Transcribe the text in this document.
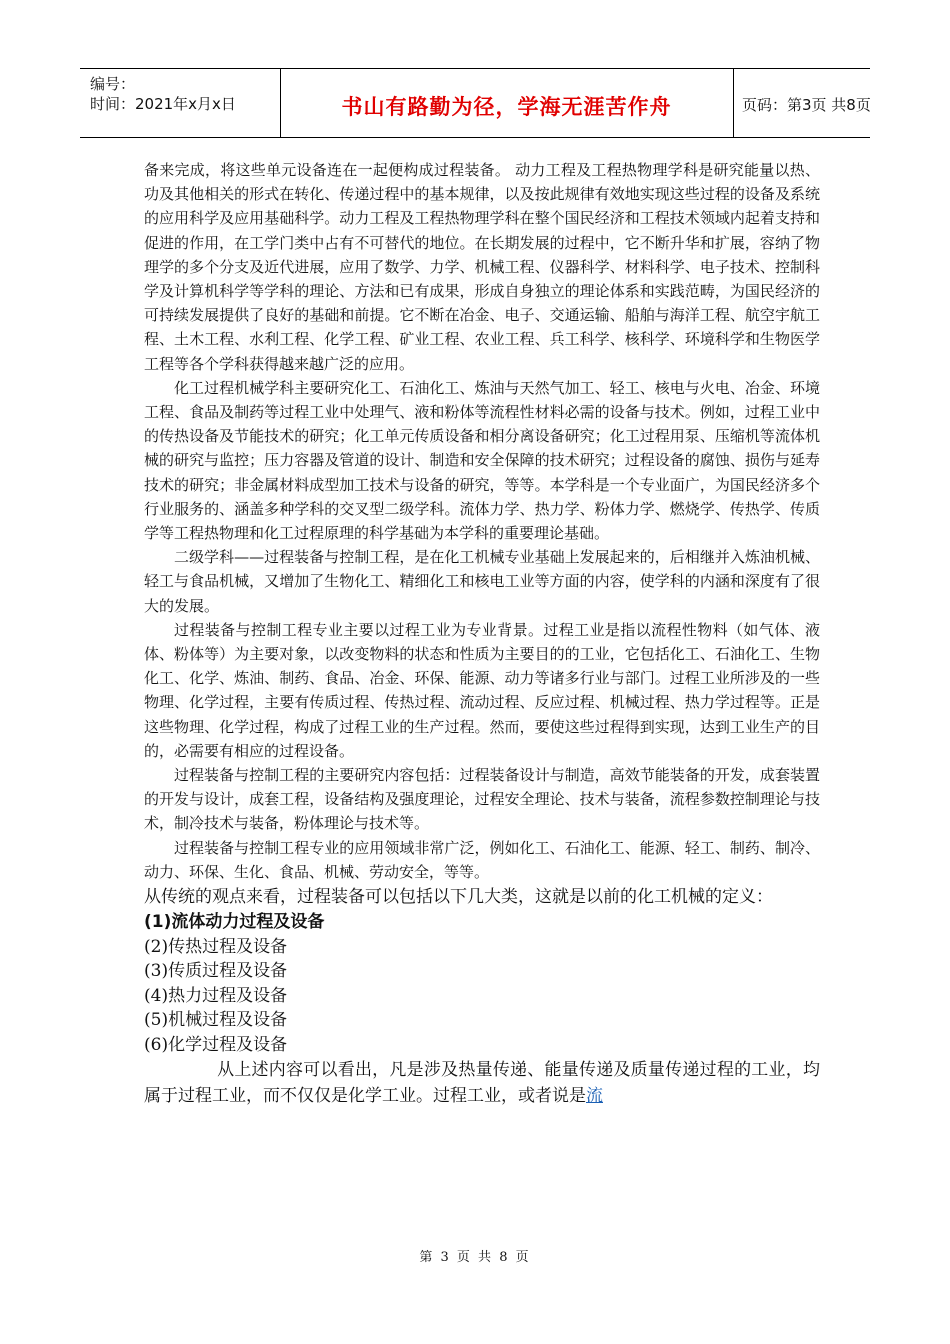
编号：
时间：2021年x月x日	书山有路勤为径，学海无涯苦作舟	页码：第3页 共8页

备来完成，将这些单元设备连在一起便构成过程装备。 动力工程及工程热物理学科是研究能量以热、功及其他相关的形式在转化、传递过程中的基本规律，以及按此规律有效地实现这些过程的设备及系统的应用科学及应用基础科学。动力工程及工程热物理学科在整个国民经济和工程技术领域内起着支持和促进的作用，在工学门类中占有不可替代的地位。在长期发展的过程中，它不断升华和扩展，容纳了物理学的多个分支及近代进展，应用了数学、力学、机械工程、仪器科学、材料科学、电子技术、控制科学及计算机科学等学科的理论、方法和已有成果，形成自身独立的理论体系和实践范畴，为国民经济的可持续发展提供了良好的基础和前提。它不断在冶金、电子、交通运输、船舶与海洋工程、航空宇航工程、土木工程、水利工程、化学工程、矿业工程、农业工程、兵工科学、核科学、环境科学和生物医学工程等各个学科获得越来越广泛的应用。

化工过程机械学科主要研究化工、石油化工、炼油与天然气加工、轻工、核电与火电、冶金、环境工程、食品及制药等过程工业中处理气、液和粉体等流程性材料必需的设备与技术。例如，过程工业中的传热设备及节能技术的研究；化工单元传质设备和相分离设备研究；化工过程用泵、压缩机等流体机械的研究与监控；压力容器及管道的设计、制造和安全保障的技术研究；过程设备的腐蚀、损伤与延寿技术的研究；非金属材料成型加工技术与设备的研究，等等。本学科是一个专业面广，为国民经济多个行业服务的、涵盖多种学科的交叉型二级学科。流体力学、热力学、粉体力学、燃烧学、传热学、传质学等工程热物理和化工过程原理的科学基础为本学科的重要理论基础。

二级学科——过程装备与控制工程，是在化工机械专业基础上发展起来的，后相继并入炼油机械、轻工与食品机械，又增加了生物化工、精细化工和核电工业等方面的内容，使学科的内涵和深度有了很大的发展。

过程装备与控制工程专业主要以过程工业为专业背景。过程工业是指以流程性物料（如气体、液体、粉体等）为主要对象，以改变物料的状态和性质为主要目的的工业，它包括化工、石油化工、生物化工、化学、炼油、制药、食品、冶金、环保、能源、动力等诸多行业与部门。过程工业所涉及的一些物理、化学过程，主要有传质过程、传热过程、流动过程、反应过程、机械过程、热力学过程等。正是这些物理、化学过程，构成了过程工业的生产过程。然而，要使这些过程得到实现，达到工业生产的目的，必需要有相应的过程设备。

过程装备与控制工程的主要研究内容包括：过程装备设计与制造，高效节能装备的开发，成套装置的开发与设计，成套工程，设备结构及强度理论，过程安全理论、技术与装备，流程参数控制理论与技术，制冷技术与装备，粉体理论与技术等。

过程装备与控制工程专业的应用领域非常广泛，例如化工、石油化工、能源、轻工、制药、制冷、动力、环保、生化、食品、机械、劳动安全，等等。

从传统的观点来看，过程装备可以包括以下几大类，这就是以前的化工机械的定义：

(1)流体动力过程及设备

(2)传热过程及设备

(3)传质过程及设备

(4)热力过程及设备

(5)机械过程及设备

(6)化学过程及设备

从上述内容可以看出，凡是涉及热量传递、能量传递及质量传递过程的工业，均属于过程工业，而不仅仅是化学工业。过程工业，或者说是流

第 3 页 共 8 页
